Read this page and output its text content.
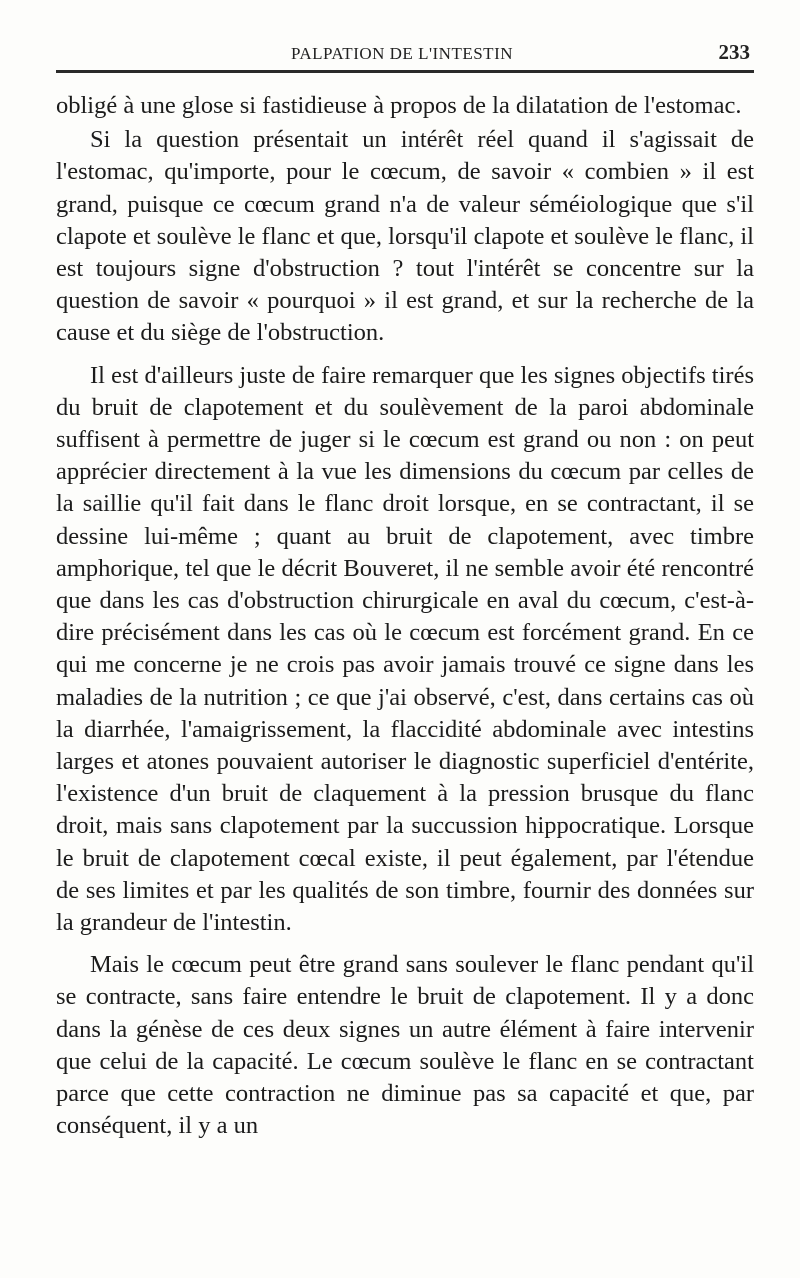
PALPATION DE L'INTESTIN	233

obligé à une glose si fastidieuse à propos de la dilatation de l'estomac.

Si la question présentait un intérêt réel quand il s'agissait de l'estomac, qu'importe, pour le cœcum, de savoir « combien » il est grand, puisque ce cœcum grand n'a de valeur séméiologique que s'il clapote et soulève le flanc et que, lorsqu'il clapote et soulève le flanc, il est toujours signe d'obstruction ? tout l'intérêt se concentre sur la question de savoir « pourquoi » il est grand, et sur la recherche de la cause et du siège de l'obstruction.

Il est d'ailleurs juste de faire remarquer que les signes objectifs tirés du bruit de clapotement et du soulèvement de la paroi abdominale suffisent à permettre de juger si le cœcum est grand ou non : on peut apprécier directement à la vue les dimensions du cœcum par celles de la saillie qu'il fait dans le flanc droit lorsque, en se contractant, il se dessine lui-même ; quant au bruit de clapotement, avec timbre amphorique, tel que le décrit Bouveret, il ne semble avoir été rencontré que dans les cas d'obstruction chirurgicale en aval du cœcum, c'est-à-dire précisément dans les cas où le cœcum est forcément grand. En ce qui me concerne je ne crois pas avoir jamais trouvé ce signe dans les maladies de la nutrition ; ce que j'ai observé, c'est, dans certains cas où la diarrhée, l'amaigrissement, la flaccidité abdominale avec intestins larges et atones pouvaient autoriser le diagnostic superficiel d'entérite, l'existence d'un bruit de claquement à la pression brusque du flanc droit, mais sans clapotement par la succussion hippocratique. Lorsque le bruit de clapotement cœcal existe, il peut également, par l'étendue de ses limites et par les qualités de son timbre, fournir des données sur la grandeur de l'intestin.

Mais le cœcum peut être grand sans soulever le flanc pendant qu'il se contracte, sans faire entendre le bruit de clapotement. Il y a donc dans la génèse de ces deux signes un autre élément à faire intervenir que celui de la capacité. Le cœcum soulève le flanc en se contractant parce que cette contraction ne diminue pas sa capacité et que, par conséquent, il y a un
